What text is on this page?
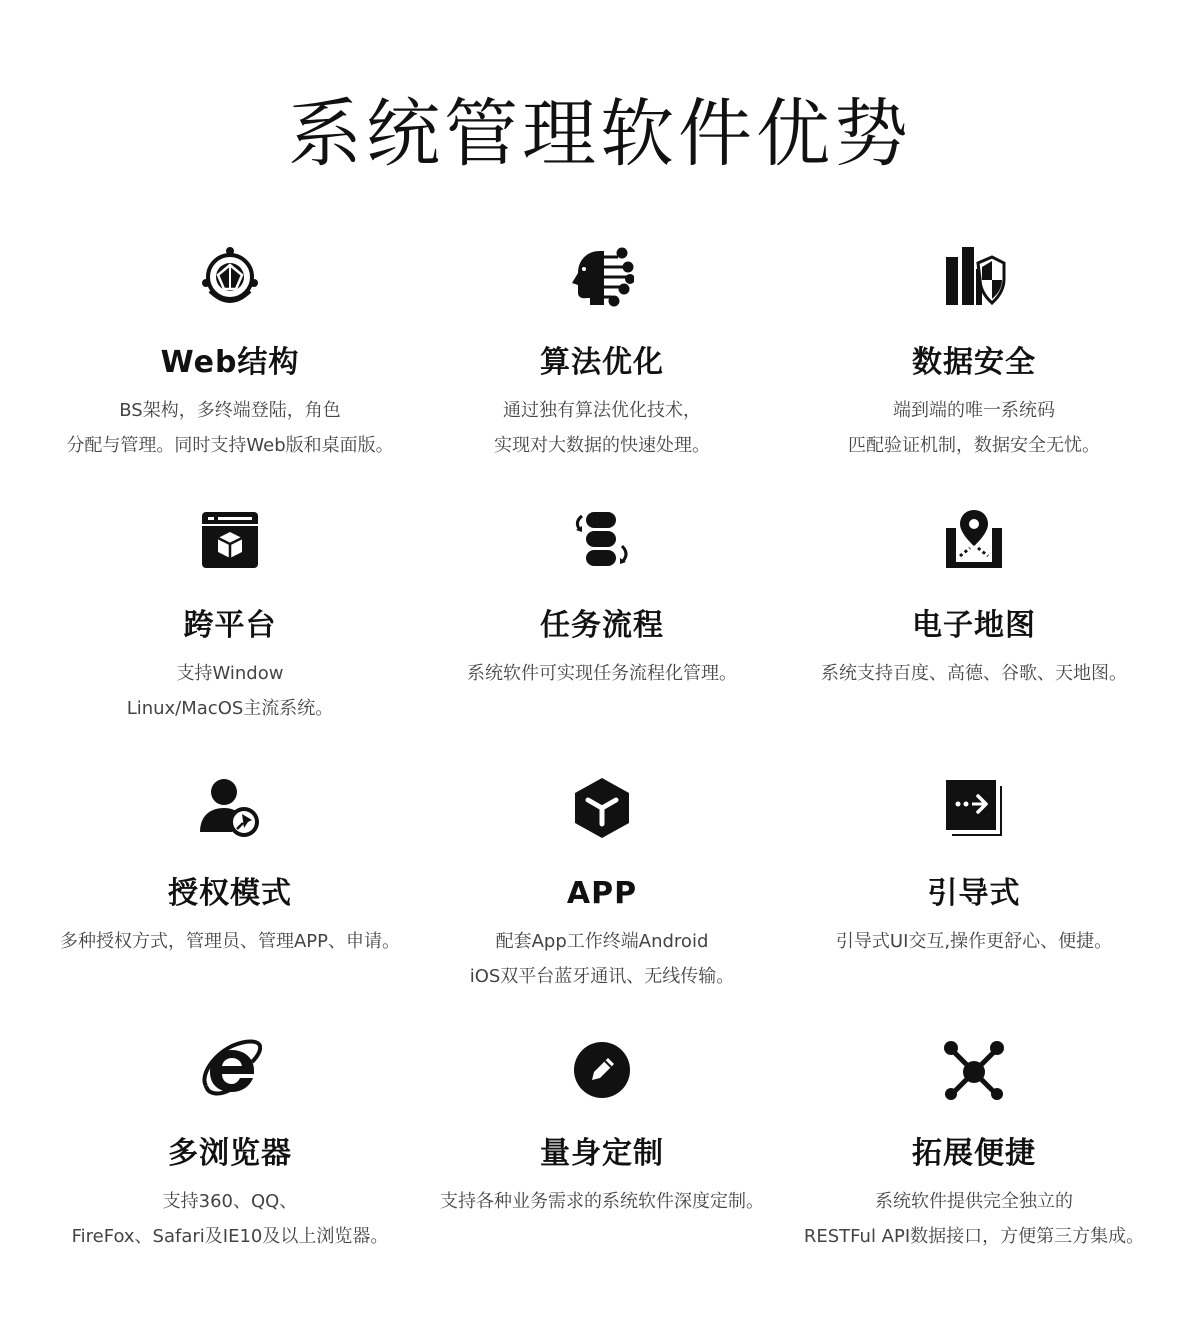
系统管理软件优势
Web结构
BS架构，多终端登陆，角色
分配与管理。同时支持Web版和桌面版。
算法优化
通过独有算法优化技术，
实现对大数据的快速处理。
数据安全
端到端的唯一系统码
匹配验证机制，数据安全无忧。
跨平台
支持Window
Linux/MacOS主流系统。
任务流程
系统软件可实现任务流程化管理。
电子地图
系统支持百度、高德、谷歌、天地图。
授权模式
多种授权方式，管理员、管理APP、申请。
APP
配套App工作终端Android
iOS双平台蓝牙通讯、无线传输。
引导式
引导式UI交互,操作更舒心、便捷。
多浏览器
支持360、QQ、
FireFox、Safari及IE10及以上浏览器。
量身定制
支持各种业务需求的系统软件深度定制。
拓展便捷
系统软件提供完全独立的
RESTFul API数据接口，方便第三方集成。
